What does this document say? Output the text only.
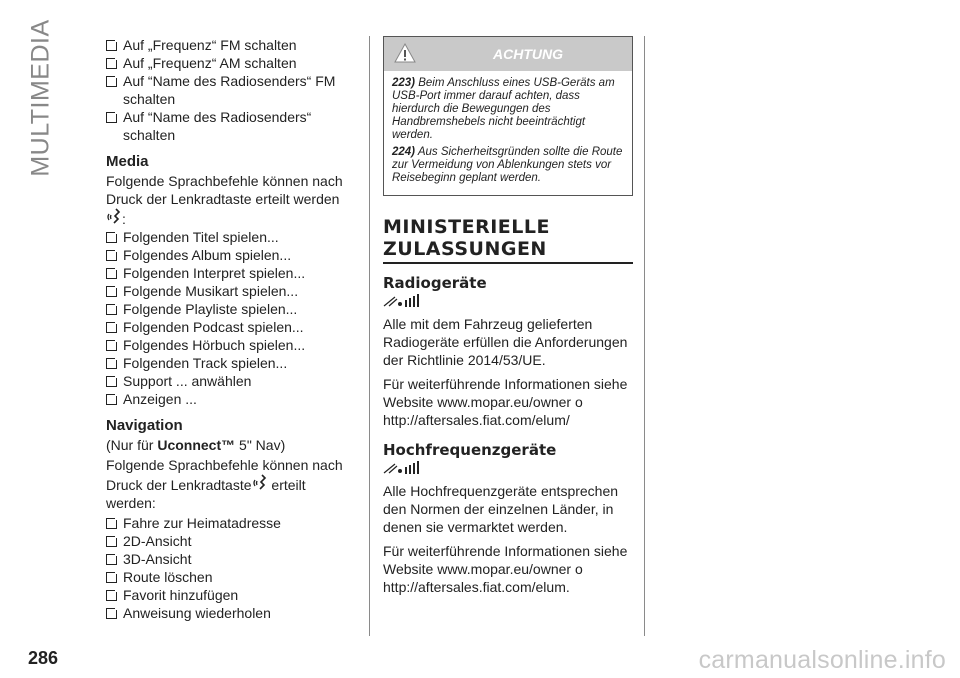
MULTIMEDIA	Auf „Frequenz“ FM schalten
Auf „Frequenz“ AM schalten
Auf “Name des Radiosenders“ FM schalten
Auf “Name des Radiosenders“ schalten
Media

Folgende Sprachbefehle können nach Druck der Lenkradtaste erteilt werden

:
Folgenden Titel spielen...
Folgendes Album spielen...
Folgenden Interpret spielen...
Folgende Musikart spielen...
Folgende Playliste spielen...
Folgenden Podcast spielen...
Folgendes Hörbuch spielen...
Folgenden Track spielen...
Support ... anwählen
Anzeigen ...
Navigation

(Nur für Uconnect™ 5" Nav)

Folgende Sprachbefehle können nach

Druck der Lenkradtaste erteilt

werden:

Fahre zur Heimatadresse
2D-Ansicht
3D-Ansicht
Route löschen
Favorit hinzufügen
Anweisung wiederholen
ACHTUNG

223) Beim Anschluss eines USB-Geräts am USB-Port immer darauf achten, dass hierdurch die Bewegungen des Handbremshebels nicht beeinträchtigt werden.

224) Aus Sicherheitsgründen sollte die Route zur Vermeidung von Ablenkungen stets vor Reisebeginn geplant werden.

MINISTERIELLE ZULASSUNGEN
Radiogeräte

Alle mit dem Fahrzeug gelieferten Radiogeräte erfüllen die Anforderungen der Richtlinie 2014/53/UE.

Für weiterführende Informationen siehe Website www.mopar.eu/owner o http://aftersales.fiat.com/elum/

Hochfrequenzgeräte

Alle Hochfrequenzgeräte entsprechen den Normen der einzelnen Länder, in denen sie vermarktet werden.

Für weiterführende Informationen siehe Website www.mopar.eu/owner o http://aftersales.fiat.com/elum.

286	carmanualsonline.info
